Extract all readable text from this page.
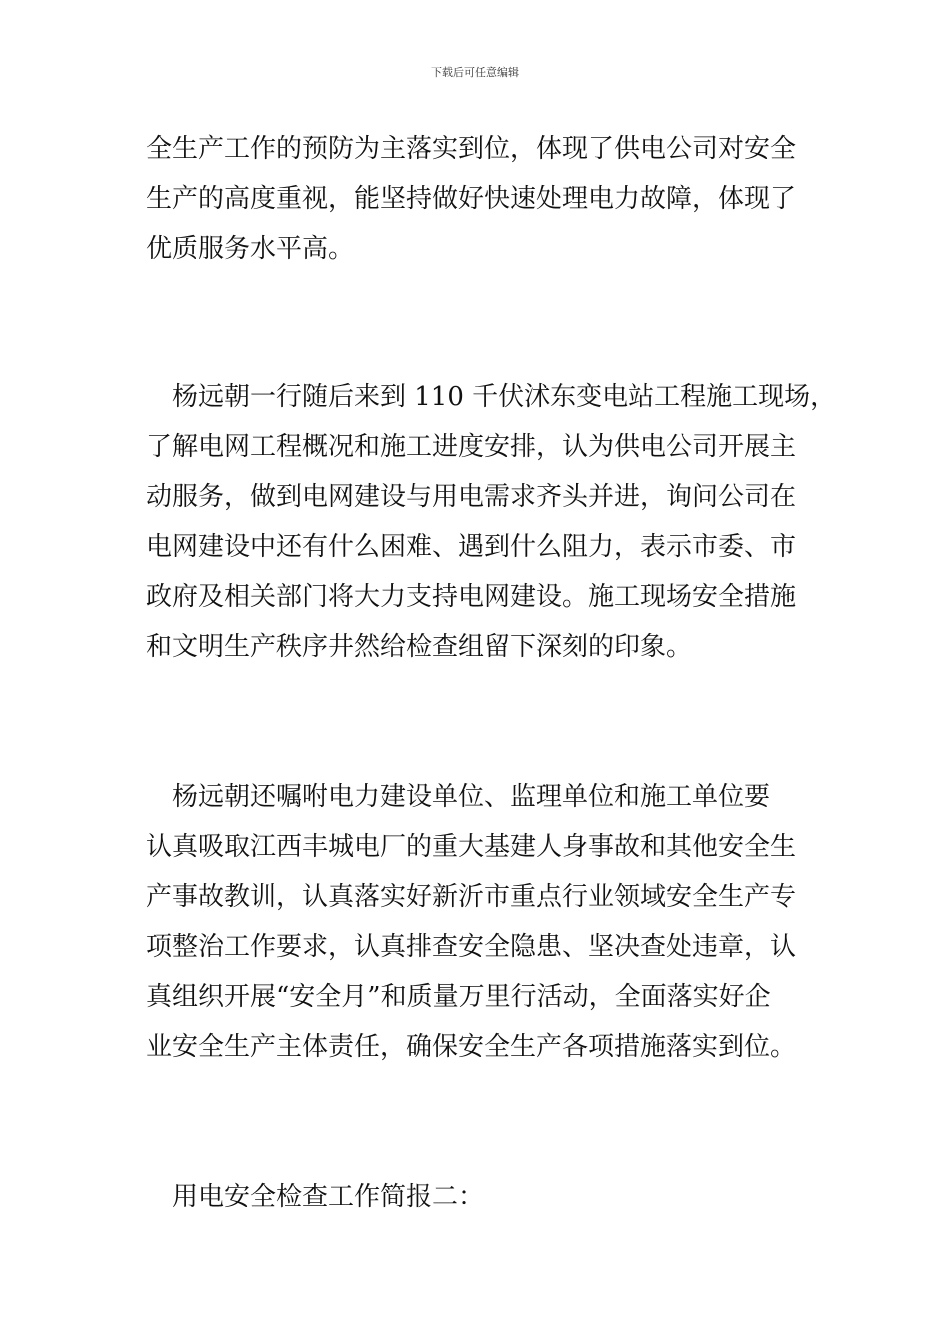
下载后可任意编辑
全生产工作的预防为主落实到位，体现了供电公司对安全
生产的高度重视，能坚持做好快速处理电力故障，体现了
优质服务水平高。
　杨远朝一行随后来到 110 千伏沭东变电站工程施工现场，
了解电网工程概况和施工进度安排，认为供电公司开展主
动服务，做到电网建设与用电需求齐头并进，询问公司在
电网建设中还有什么困难、遇到什么阻力，表示市委、市
政府及相关部门将大力支持电网建设。施工现场安全措施
和文明生产秩序井然给检查组留下深刻的印象。
　杨远朝还嘱咐电力建设单位、监理单位和施工单位要
认真吸取江西丰城电厂的重大基建人身事故和其他安全生
产事故教训，认真落实好新沂市重点行业领域安全生产专
项整治工作要求，认真排查安全隐患、坚决查处违章，认
真组织开展“安全月”和质量万里行活动，全面落实好企
业安全生产主体责任，确保安全生产各项措施落实到位。
　用电安全检查工作简报二：
